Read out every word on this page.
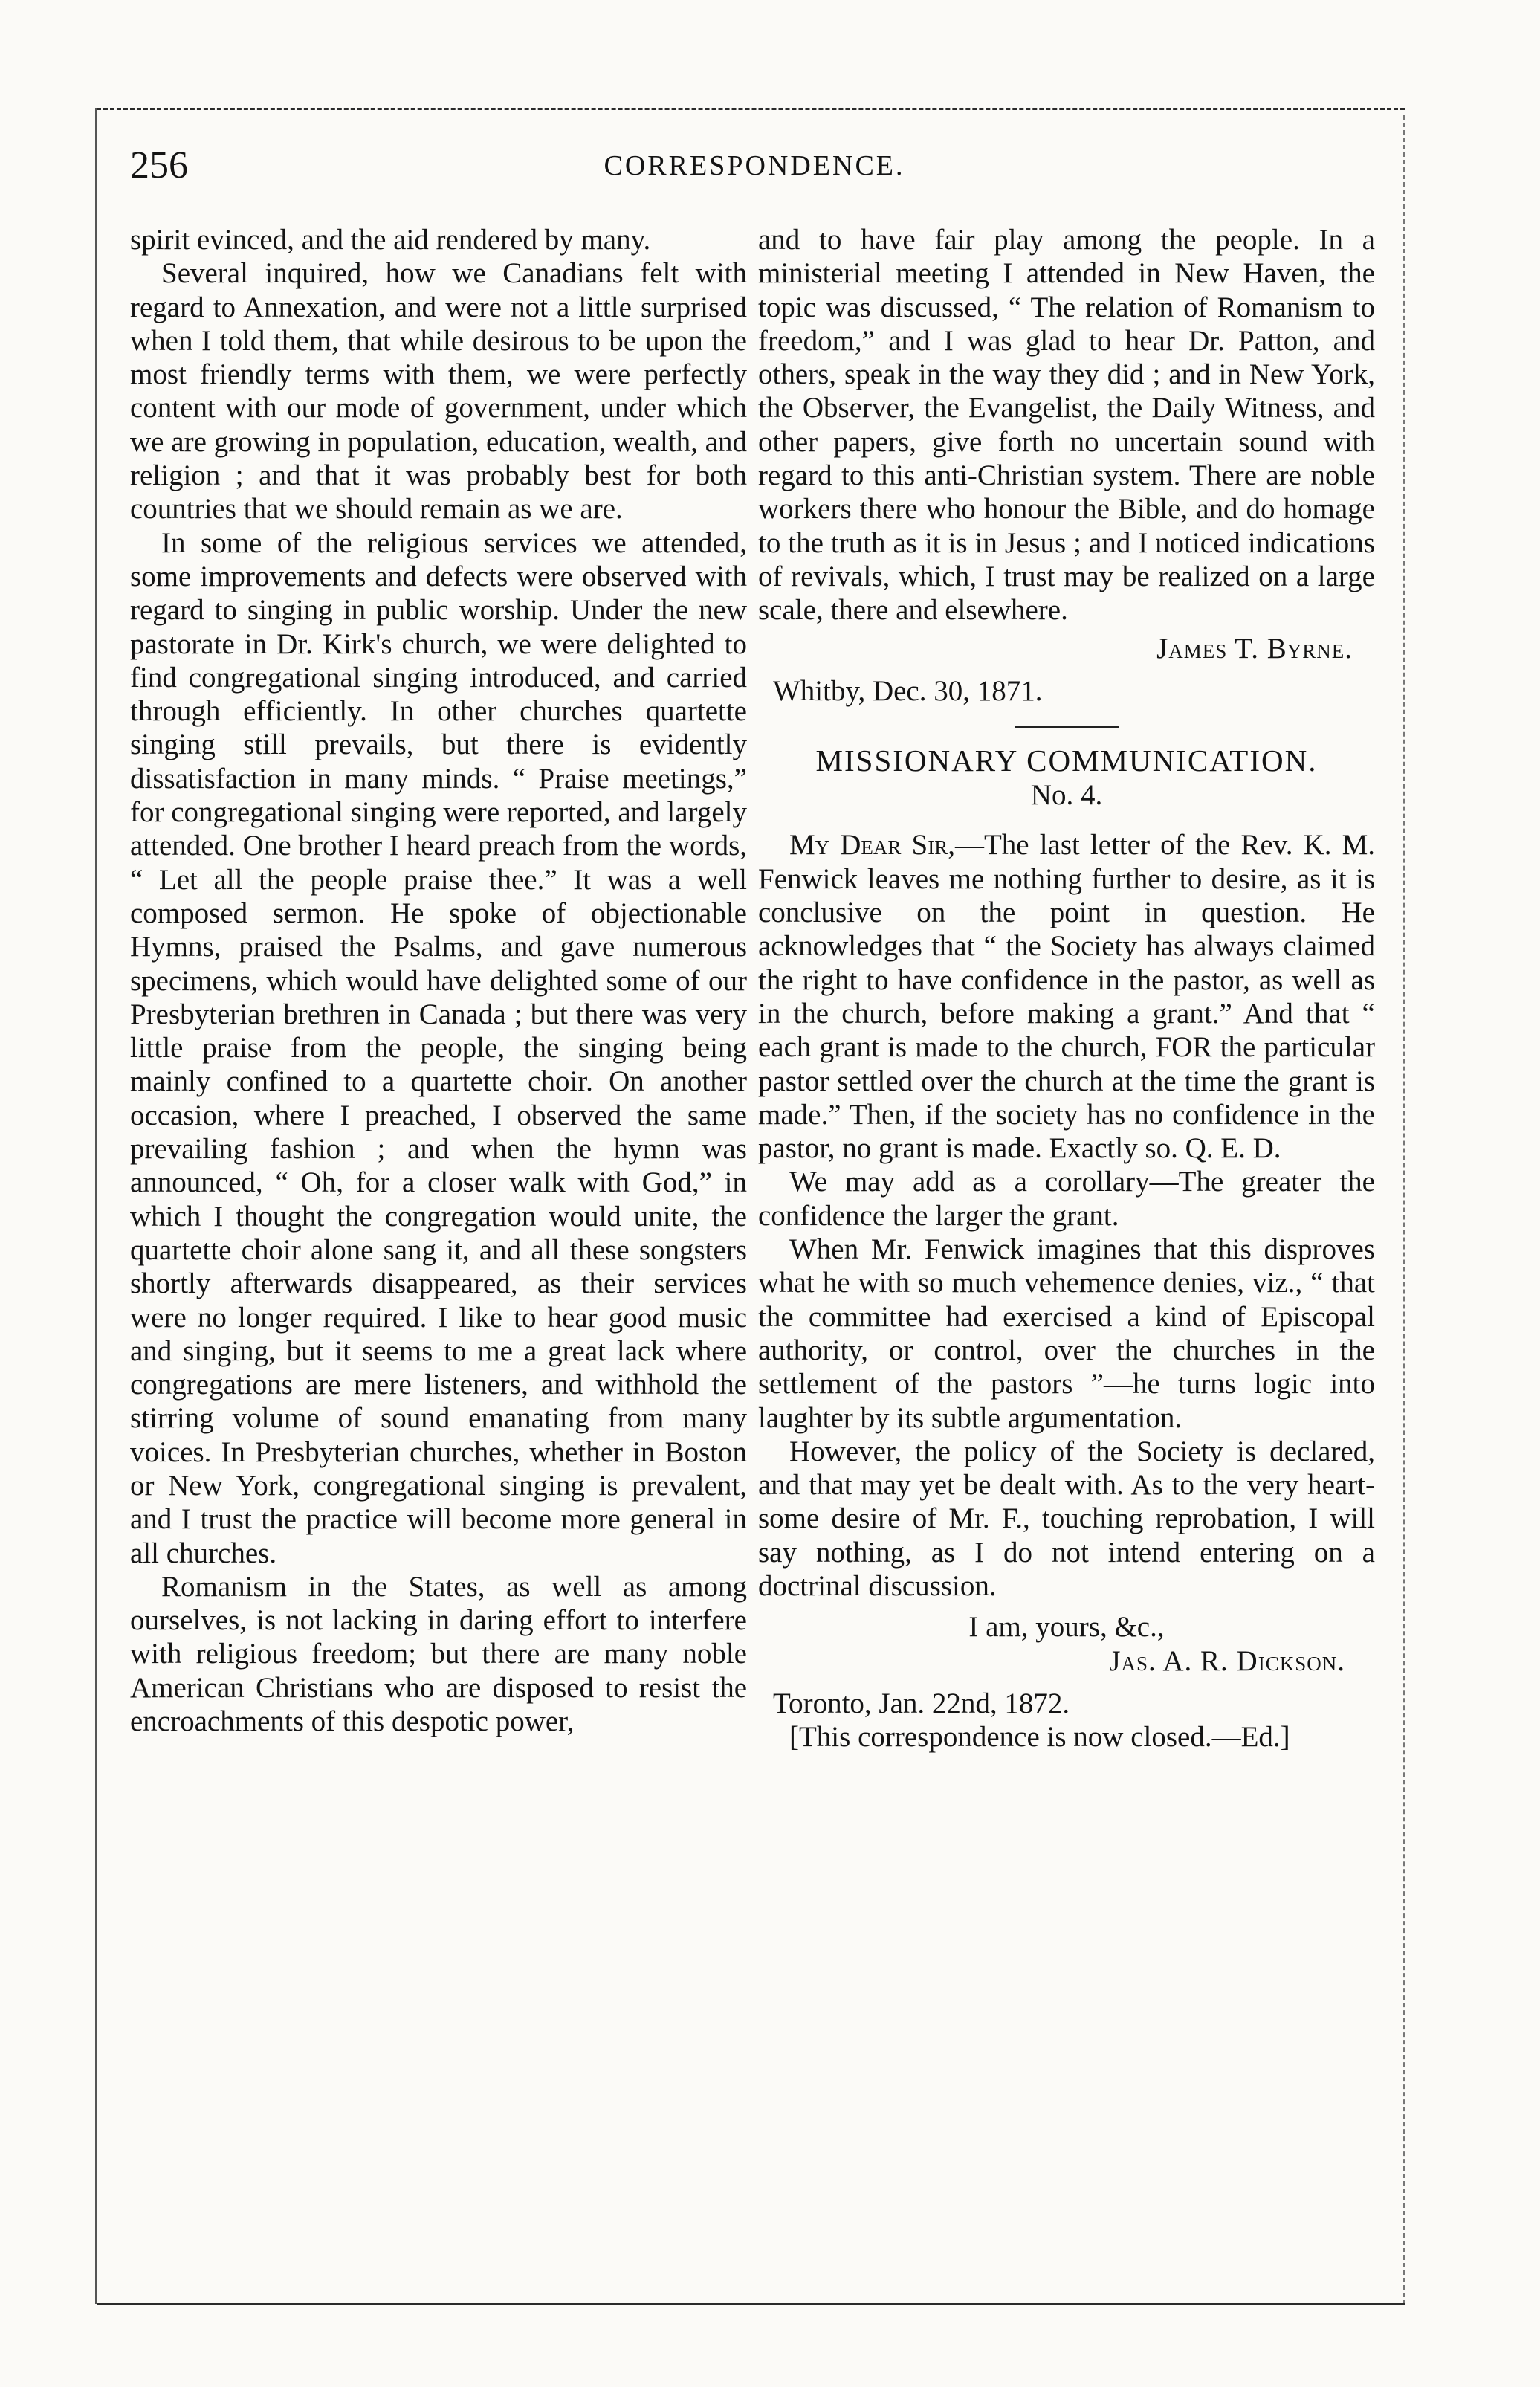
256	CORRESPONDENCE.

spirit evinced, and the aid rendered by many.

Several inquired, how we Canadians felt with regard to Annexation, and were not a little surprised when I told them, that while desirous to be upon the most friendly terms with them, we were perfectly content with our mode of government, under which we are growing in population, education, wealth, and religion ; and that it was probably best for both countries that we should remain as we are.

In some of the religious services we attended, some improvements and defects were observed with regard to singing in public worship. Under the new pastorate in Dr. Kirk's church, we were delighted to find congregational singing introduced, and carried through efficiently. In other churches quartette singing still prevails, but there is evidently dissatisfaction in many minds. “ Praise meetings,” for congregational singing were reported, and largely attended. One brother I heard preach from the words, “ Let all the people praise thee.” It was a well composed sermon. He spoke of objectionable Hymns, praised the Psalms, and gave numerous specimens, which would have delighted some of our Presbyterian brethren in Canada ; but there was very little praise from the people, the singing being mainly confined to a quartette choir. On another occasion, where I preached, I observed the same prevailing fashion ; and when the hymn was announced, “ Oh, for a closer walk with God,” in which I thought the congregation would unite, the quartette choir alone sang it, and all these songsters shortly afterwards disappeared, as their services were no longer required. I like to hear good music and singing, but it seems to me a great lack where congregations are mere listeners, and withhold the stirring volume of sound emanating from many voices. In Presbyterian churches, whether in Boston or New York, congregational singing is prevalent, and I trust the practice will become more general in all churches.

Romanism in the States, as well as among ourselves, is not lacking in daring effort to interfere with religious freedom; but there are many noble American Christians who are disposed to resist the encroachments of this despotic power,

and to have fair play among the people. In a ministerial meeting I attended in New Haven, the topic was discussed, “ The relation of Romanism to freedom,” and I was glad to hear Dr. Patton, and others, speak in the way they did ; and in New York, the Observer, the Evangelist, the Daily Witness, and other papers, give forth no uncertain sound with regard to this anti-Christian system. There are noble workers there who honour the Bible, and do homage to the truth as it is in Jesus ; and I noticed indications of revivals, which, I trust may be realized on a large scale, there and elsewhere.

James T. Byrne.
Whitby, Dec. 30, 1871.
MISSIONARY COMMUNICATION.
No. 4.

My Dear Sir,—The last letter of the Rev. K. M. Fenwick leaves me nothing further to desire, as it is conclusive on the point in question. He acknowledges that “ the Society has always claimed the right to have confidence in the pastor, as well as in the church, before making a grant.” And that “ each grant is made to the church, FOR the particular pastor settled over the church at the time the grant is made.” Then, if the society has no confidence in the pastor, no grant is made. Exactly so. Q. E. D.

We may add as a corollary—The greater the confidence the larger the grant.

When Mr. Fenwick imagines that this disproves what he with so much vehemence denies, viz., “ that the committee had exercised a kind of Episcopal authority, or control, over the churches in the settlement of the pastors ”—he turns logic into laughter by its subtle argumentation.

However, the policy of the Society is declared, and that may yet be dealt with. As to the very heart-some desire of Mr. F., touching reprobation, I will say nothing, as I do not intend entering on a doctrinal discussion.

I am, yours, &c.,
Jas. A. R. Dickson.
Toronto, Jan. 22nd, 1872.

[This correspondence is now closed.—Ed.]
